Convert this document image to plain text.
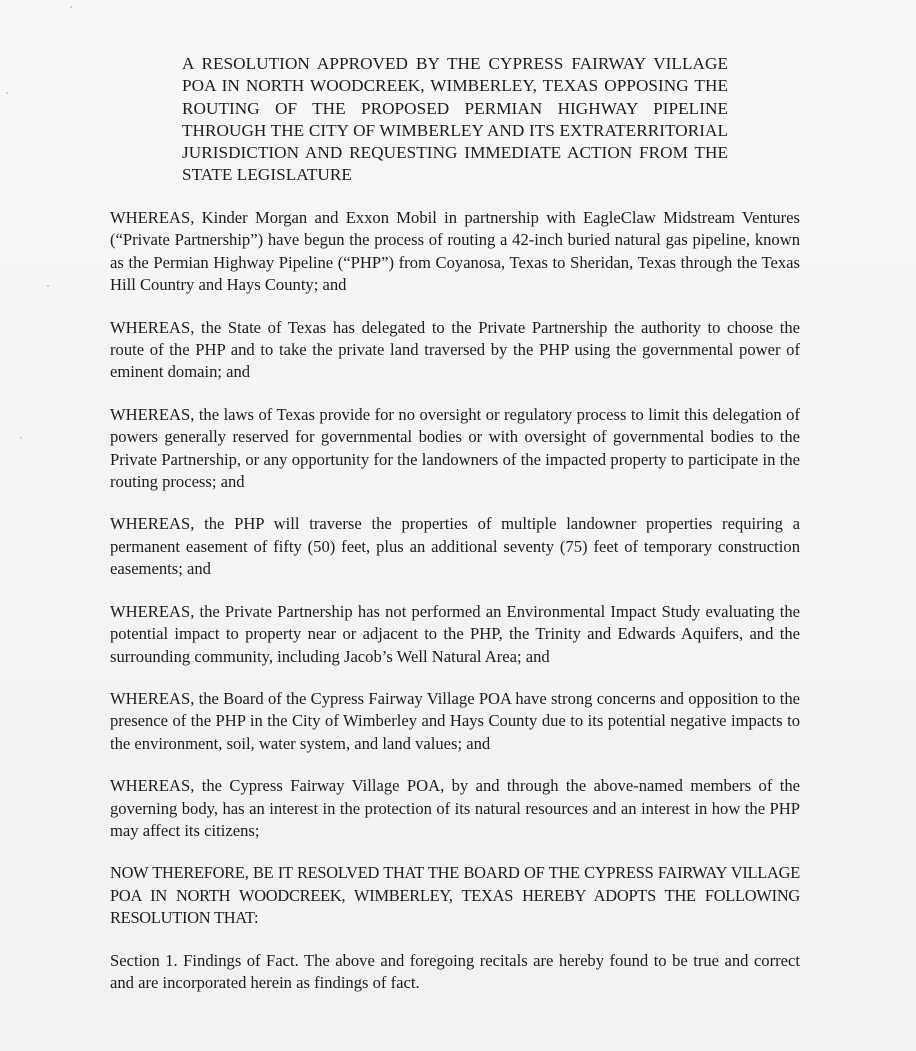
A RESOLUTION APPROVED BY THE CYPRESS FAIRWAY VILLAGE POA IN NORTH WOODCREEK, WIMBERLEY, TEXAS OPPOSING THE ROUTING OF THE PROPOSED PERMIAN HIGHWAY PIPELINE THROUGH THE CITY OF WIMBERLEY AND ITS EXTRATERRITORIAL JURISDICTION AND REQUESTING IMMEDIATE ACTION FROM THE STATE LEGISLATURE

WHEREAS, Kinder Morgan and Exxon Mobil in partnership with EagleClaw Midstream Ventures (“Private Partnership”) have begun the process of routing a 42-inch buried natural gas pipeline, known as the Permian Highway Pipeline (“PHP”) from Coyanosa, Texas to Sheridan, Texas through the Texas Hill Country and Hays County; and

WHEREAS, the State of Texas has delegated to the Private Partnership the authority to choose the route of the PHP and to take the private land traversed by the PHP using the governmental power of eminent domain; and

WHEREAS, the laws of Texas provide for no oversight or regulatory process to limit this delegation of powers generally reserved for governmental bodies or with oversight of governmental bodies to the Private Partnership, or any opportunity for the landowners of the impacted property to participate in the routing process; and

WHEREAS, the PHP will traverse the properties of multiple landowner properties requiring a permanent easement of fifty (50) feet, plus an additional seventy (75) feet of temporary construction easements; and

WHEREAS, the Private Partnership has not performed an Environmental Impact Study evaluating the potential impact to property near or adjacent to the PHP, the Trinity and Edwards Aquifers, and the surrounding community, including Jacob’s Well Natural Area; and

WHEREAS, the Board of the Cypress Fairway Village POA have strong concerns and opposition to the presence of the PHP in the City of Wimberley and Hays County due to its potential negative impacts to the environment, soil, water system, and land values; and

WHEREAS, the Cypress Fairway Village POA, by and through the above-named members of the governing body, has an interest in the protection of its natural resources and an interest in how the PHP may affect its citizens;

NOW THEREFORE, BE IT RESOLVED THAT THE BOARD OF THE CYPRESS FAIRWAY VILLAGE POA IN NORTH WOODCREEK, WIMBERLEY, TEXAS HEREBY ADOPTS THE FOLLOWING RESOLUTION THAT:

Section 1. Findings of Fact. The above and foregoing recitals are hereby found to be true and correct and are incorporated herein as findings of fact.
